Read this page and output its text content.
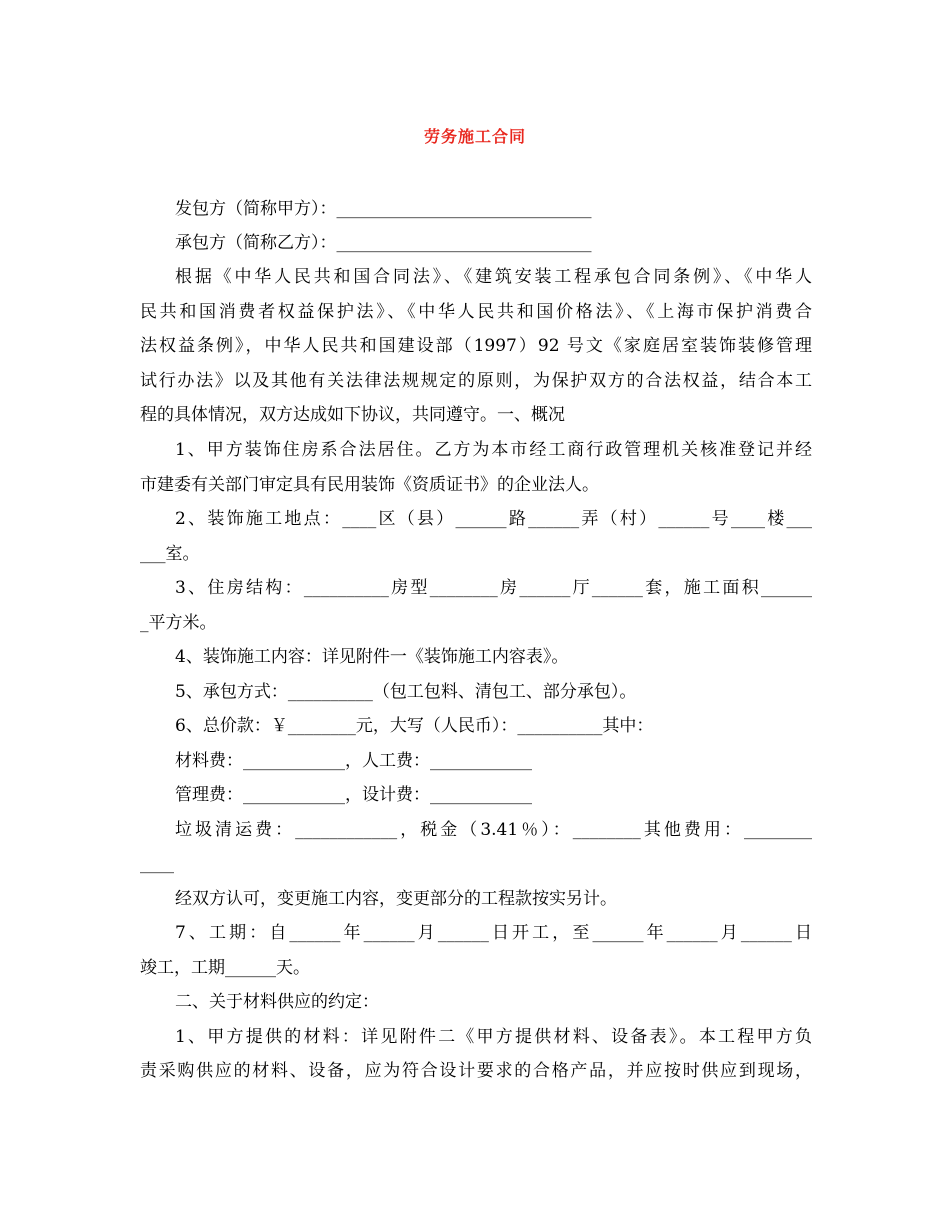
劳务施工合同
发包方（简称甲方）：______________________________
承包方（简称乙方）：______________________________
根据《中华人民共和国合同法》、《建筑安装工程承包合同条例》、《中华人
民共和国消费者权益保护法》、《中华人民共和国价格法》、《上海市保护消费合
法权益条例》，中华人民共和国建设部（1997）92 号文《家庭居室装饰装修管理
试行办法》以及其他有关法律法规规定的原则，为保护双方的合法权益，结合本工
程的具体情况，双方达成如下协议，共同遵守。一、概况
1、甲方装饰住房系合法居住。乙方为本市经工商行政管理机关核准登记并经
市建委有关部门审定具有民用装饰《资质证书》的企业法人。
2、装饰施工地点：____区（县）______路______弄（村）______号____楼___
___室。
3、住房结构：__________房型________房______厅______套，施工面积______
_平方米。
4、装饰施工内容：详见附件一《装饰施工内容表》。
5、承包方式：__________（包工包料、清包工、部分承包）。
6、总价款：￥________元，大写（人民币）：__________其中：
材料费：____________，人工费：____________
管理费：____________，设计费：____________
垃圾清运费：____________，税金（3.41％）：________其他费用：________
____
经双方认可，变更施工内容，变更部分的工程款按实另计。
7、工期：自______年______月______日开工，至______年______月______日
竣工，工期______天。
二、关于材料供应的约定：
1、甲方提供的材料：详见附件二《甲方提供材料、设备表》。本工程甲方负
责采购供应的材料、设备，应为符合设计要求的合格产品，并应按时供应到现场，
